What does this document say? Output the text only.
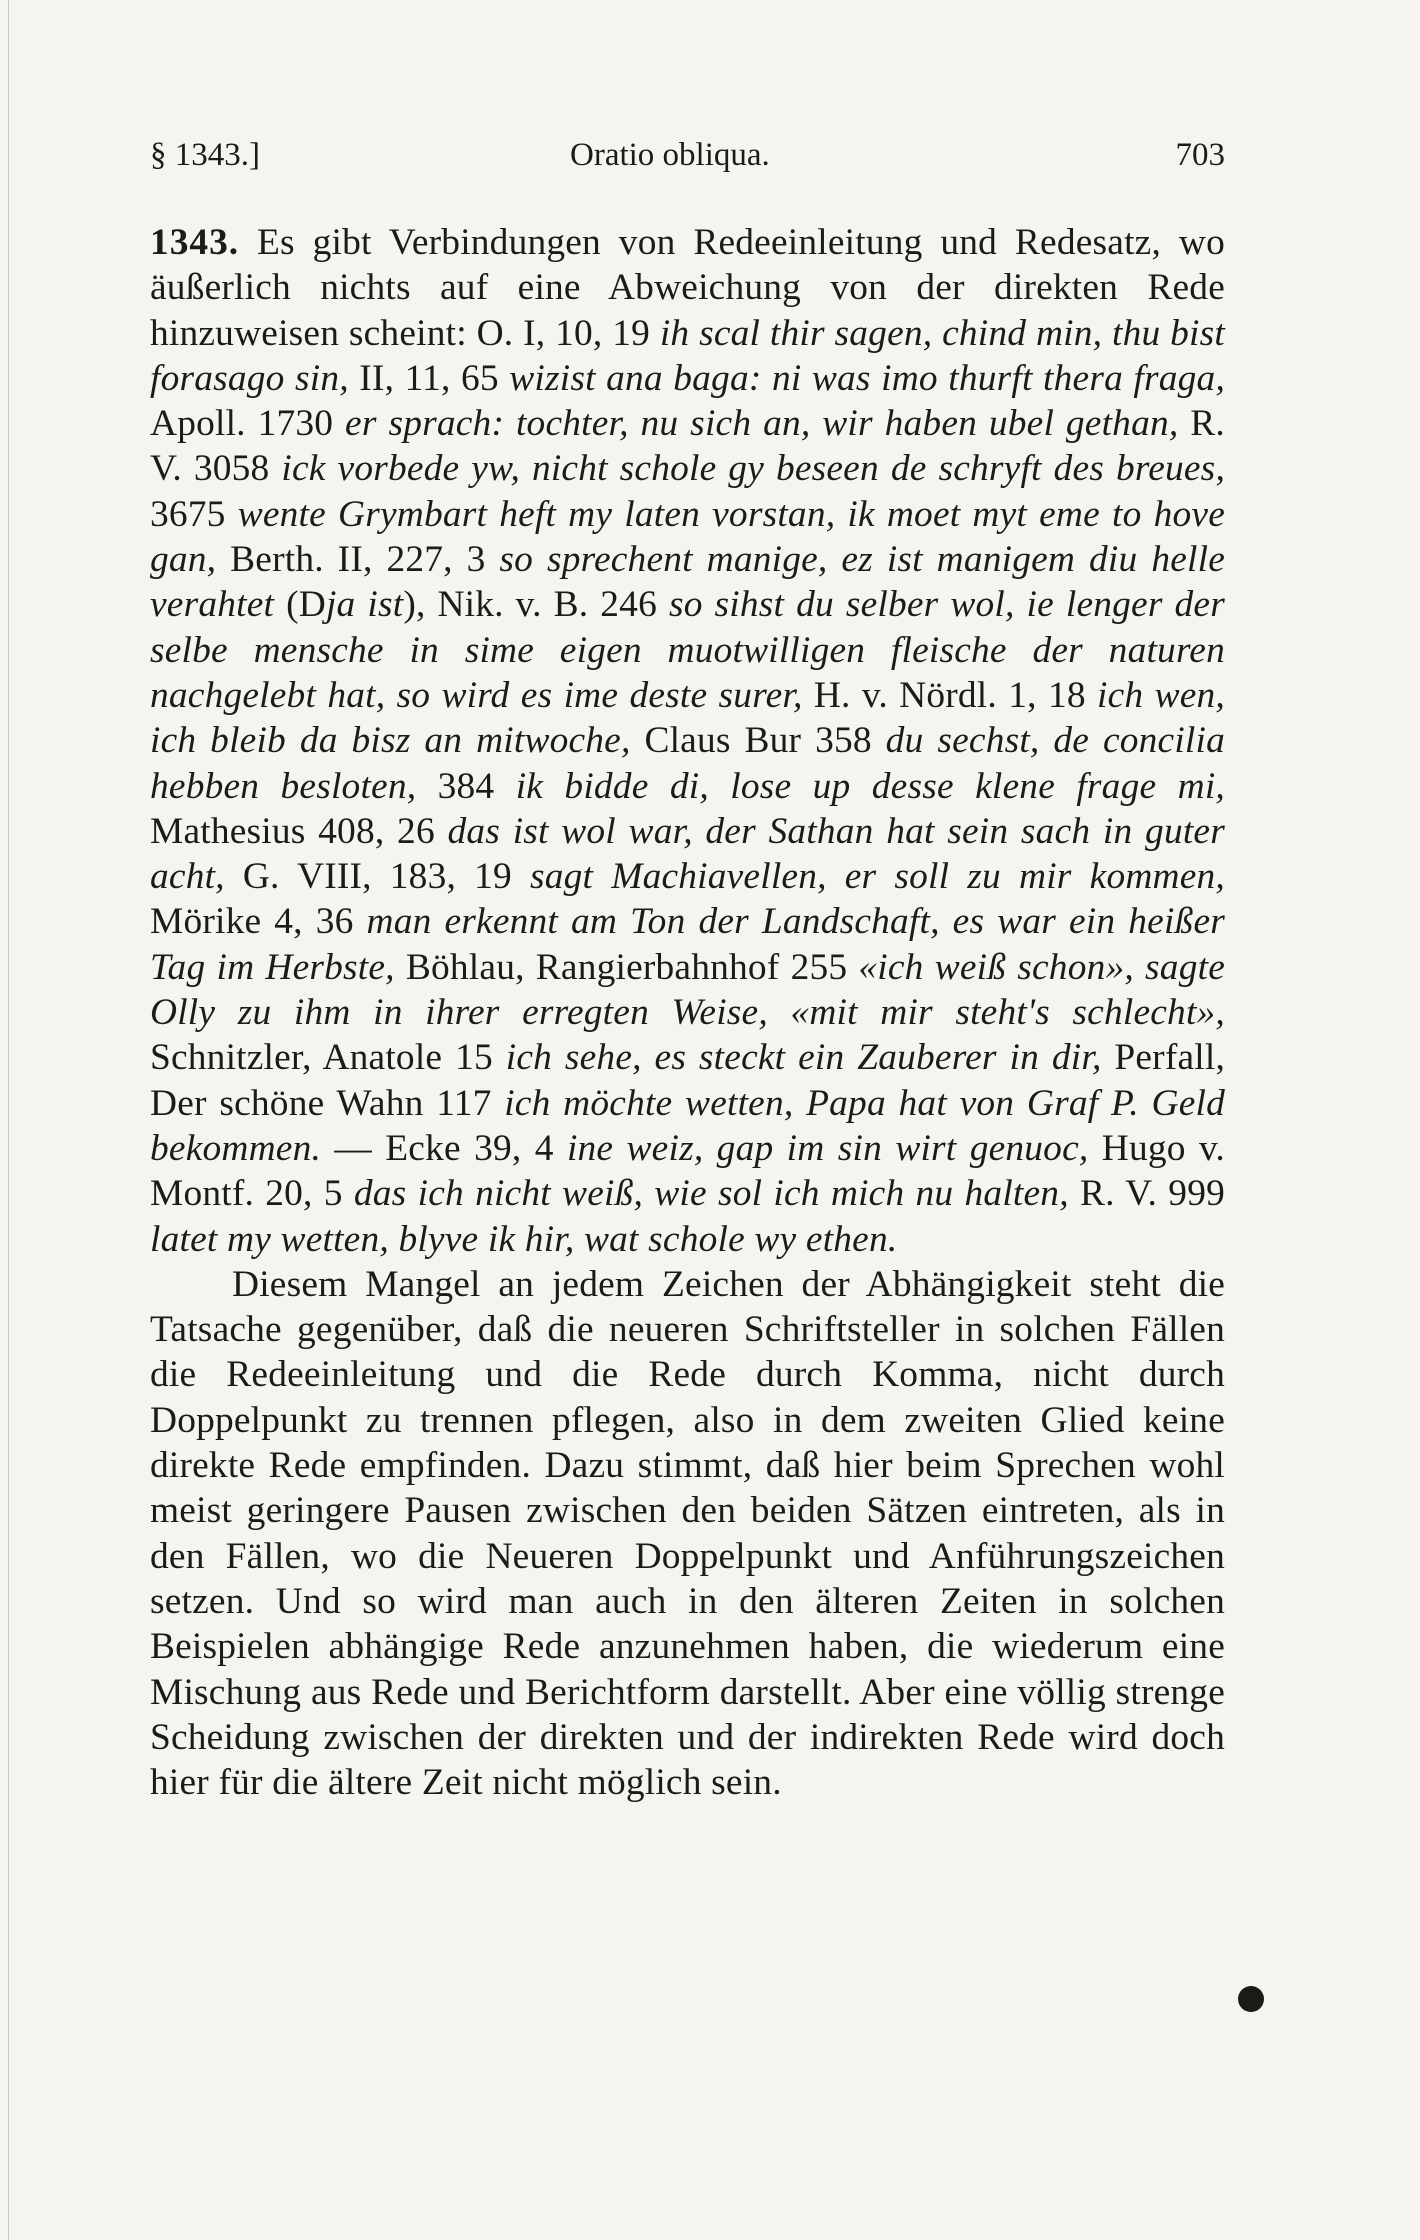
§ 1343.]	Oratio obliqua.	703

1343. Es gibt Verbindungen von Redeeinleitung und Redesatz, wo äußerlich nichts auf eine Abweichung von der direkten Rede hinzuweisen scheint: O. I, 10, 19 ih scal thir sagen, chind min, thu bist forasago sin, II, 11, 65 wizist ana baga: ni was imo thurft thera fraga, Apoll. 1730 er sprach: tochter, nu sich an, wir haben ubel gethan, R. V. 3058 ick vorbede yw, nicht schole gy beseen de schryft des breues, 3675 wente Grymbart heft my laten vorstan, ik moet myt eme to hove gan, Berth. II, 227, 3 so sprechent manige, ez ist manigem diu helle verahtet (Dja ist), Nik. v. B. 246 so sihst du selber wol, ie lenger der selbe mensche in sime eigen muotwilligen fleische der naturen nachgelebt hat, so wird es ime deste surer, H. v. Nördl. 1, 18 ich wen, ich bleib da bisz an mitwoche, Claus Bur 358 du sechst, de concilia hebben besloten, 384 ik bidde di, lose up desse klene frage mi, Mathesius 408, 26 das ist wol war, der Sathan hat sein sach in guter acht, G. VIII, 183, 19 sagt Machiavellen, er soll zu mir kommen, Mörike 4, 36 man erkennt am Ton der Landschaft, es war ein heißer Tag im Herbste, Böhlau, Rangierbahnhof 255 «ich weiß schon», sagte Olly zu ihm in ihrer erregten Weise, «mit mir steht's schlecht», Schnitzler, Anatole 15 ich sehe, es steckt ein Zauberer in dir, Perfall, Der schöne Wahn 117 ich möchte wetten, Papa hat von Graf P. Geld bekommen. — Ecke 39, 4 ine weiz, gap im sin wirt genuoc, Hugo v. Montf. 20, 5 das ich nicht weiß, wie sol ich mich nu halten, R. V. 999 latet my wetten, blyve ik hir, wat schole wy ethen.

Diesem Mangel an jedem Zeichen der Abhängigkeit steht die Tatsache gegenüber, daß die neueren Schriftsteller in solchen Fällen die Redeeinleitung und die Rede durch Komma, nicht durch Doppelpunkt zu trennen pflegen, also in dem zweiten Glied keine direkte Rede empfinden. Dazu stimmt, daß hier beim Sprechen wohl meist geringere Pausen zwischen den beiden Sätzen eintreten, als in den Fällen, wo die Neueren Doppelpunkt und Anführungszeichen setzen. Und so wird man auch in den älteren Zeiten in solchen Beispielen abhängige Rede anzunehmen haben, die wiederum eine Mischung aus Rede und Berichtform darstellt. Aber eine völlig strenge Scheidung zwischen der direkten und der indirekten Rede wird doch hier für die ältere Zeit nicht möglich sein.
